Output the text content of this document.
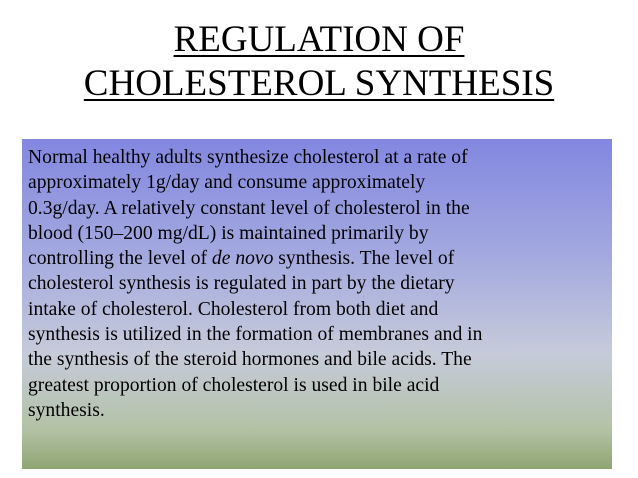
REGULATION OF
CHOLESTEROL SYNTHESIS

Normal healthy adults synthesize cholesterol at a rate of
approximately 1g/day and consume approximately
0.3g/day. A relatively constant level of cholesterol in the
blood (150–200 mg/dL) is maintained primarily by
controlling the level of de novo synthesis. The level of
cholesterol synthesis is regulated in part by the dietary
intake of cholesterol. Cholesterol from both diet and
synthesis is utilized in the formation of membranes and in
the synthesis of the steroid hormones and bile acids. The
greatest proportion of cholesterol is used in bile acid
synthesis.
